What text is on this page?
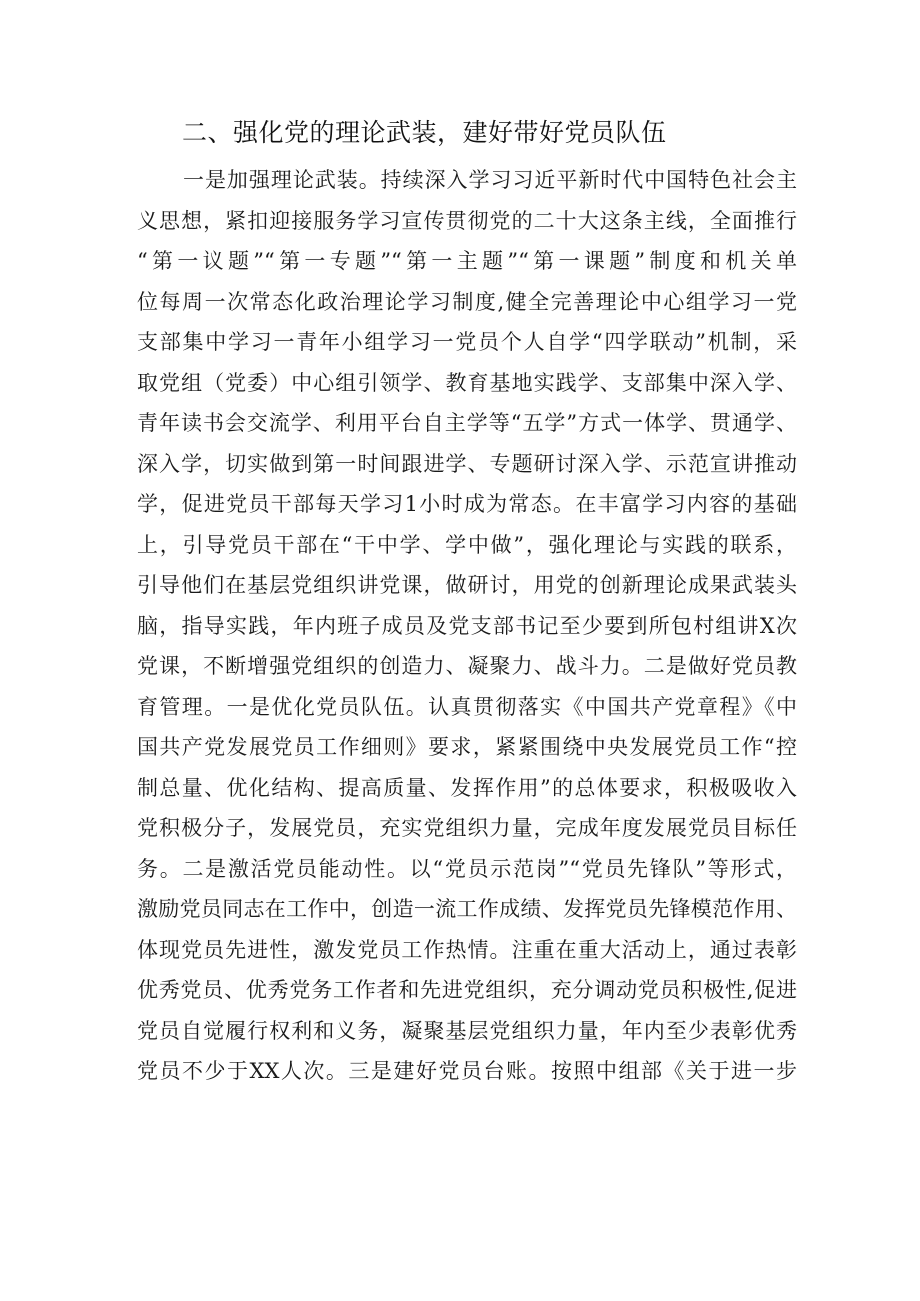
二、强化党的理论武装，建好带好党员队伍
一是加强理论武装。持续深入学习习近平新时代中国特色社会主
义思想，紧扣迎接服务学习宣传贯彻党的二十大这条主线，全面推行
“第一议题”“第一专题”“第一主题”“第一课题”制度和机关单
位每周一次常态化政治理论学习制度,健全完善理论中心组学习一党
支部集中学习一青年小组学习一党员个人自学“四学联动”机制，采
取党组（党委）中心组引领学、教育基地实践学、支部集中深入学、
青年读书会交流学、利用平台自主学等“五学”方式一体学、贯通学、
深入学，切实做到第一时间跟进学、专题研讨深入学、示范宣讲推动
学，促进党员干部每天学习1小时成为常态。在丰富学习内容的基础
上，引导党员干部在“干中学、学中做”，强化理论与实践的联系，
引导他们在基层党组织讲党课，做研讨，用党的创新理论成果武装头
脑，指导实践，年内班子成员及党支部书记至少要到所包村组讲X次
党课，不断增强党组织的创造力、凝聚力、战斗力。二是做好党员教
育管理。一是优化党员队伍。认真贯彻落实《中国共产党章程》《中
国共产党发展党员工作细则》要求，紧紧围绕中央发展党员工作“控
制总量、优化结构、提高质量、发挥作用”的总体要求，积极吸收入
党积极分子，发展党员，充实党组织力量，完成年度发展党员目标任
务。二是激活党员能动性。以“党员示范岗”“党员先锋队”等形式，
激励党员同志在工作中，创造一流工作成绩、发挥党员先锋模范作用、
体现党员先进性，激发党员工作热情。注重在重大活动上，通过表彰
优秀党员、优秀党务工作者和先进党组织，充分调动党员积极性,促进
党员自觉履行权利和义务，凝聚基层党组织力量，年内至少表彰优秀
党员不少于XX人次。三是建好党员台账。按照中组部《关于进一步
